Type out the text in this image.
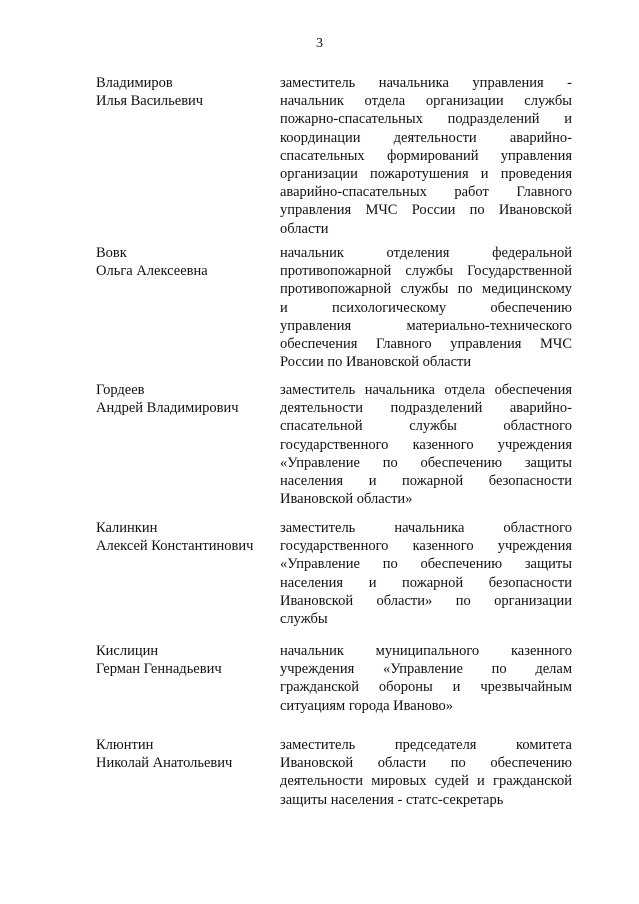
3
Владимиров
Илья Васильевич
заместитель начальника управления -
начальник отдела организации службы
пожарно-спасательных подразделений и
координации деятельности аварийно-
спасательных формирований управления
организации пожаротушения и проведения
аварийно-спасательных работ Главного
управления МЧС России по Ивановской
области
Вовк
Ольга Алексеевна
начальник отделения федеральной
противопожарной службы Государственной
противопожарной службы по медицинскому
и психологическому обеспечению
управления материально-технического
обеспечения Главного управления МЧС
России по Ивановской области
Гордеев
Андрей Владимирович
заместитель начальника отдела обеспечения
деятельности подразделений аварийно-
спасательной службы областного
государственного казенного учреждения
«Управление по обеспечению защиты
населения и пожарной безопасности
Ивановской области»
Калинкин
Алексей Константинович
заместитель начальника областного
государственного казенного учреждения
«Управление по обеспечению защиты
населения и пожарной безопасности
Ивановской области» по организации
службы
Кислицин
Герман Геннадьевич
начальник муниципального казенного
учреждения «Управление по делам
гражданской обороны и чрезвычайным
ситуациям города Иваново»
Клюнтин
Николай Анатольевич
заместитель председателя комитета
Ивановской области по обеспечению
деятельности мировых судей и гражданской
защиты населения - статс-секретарь
